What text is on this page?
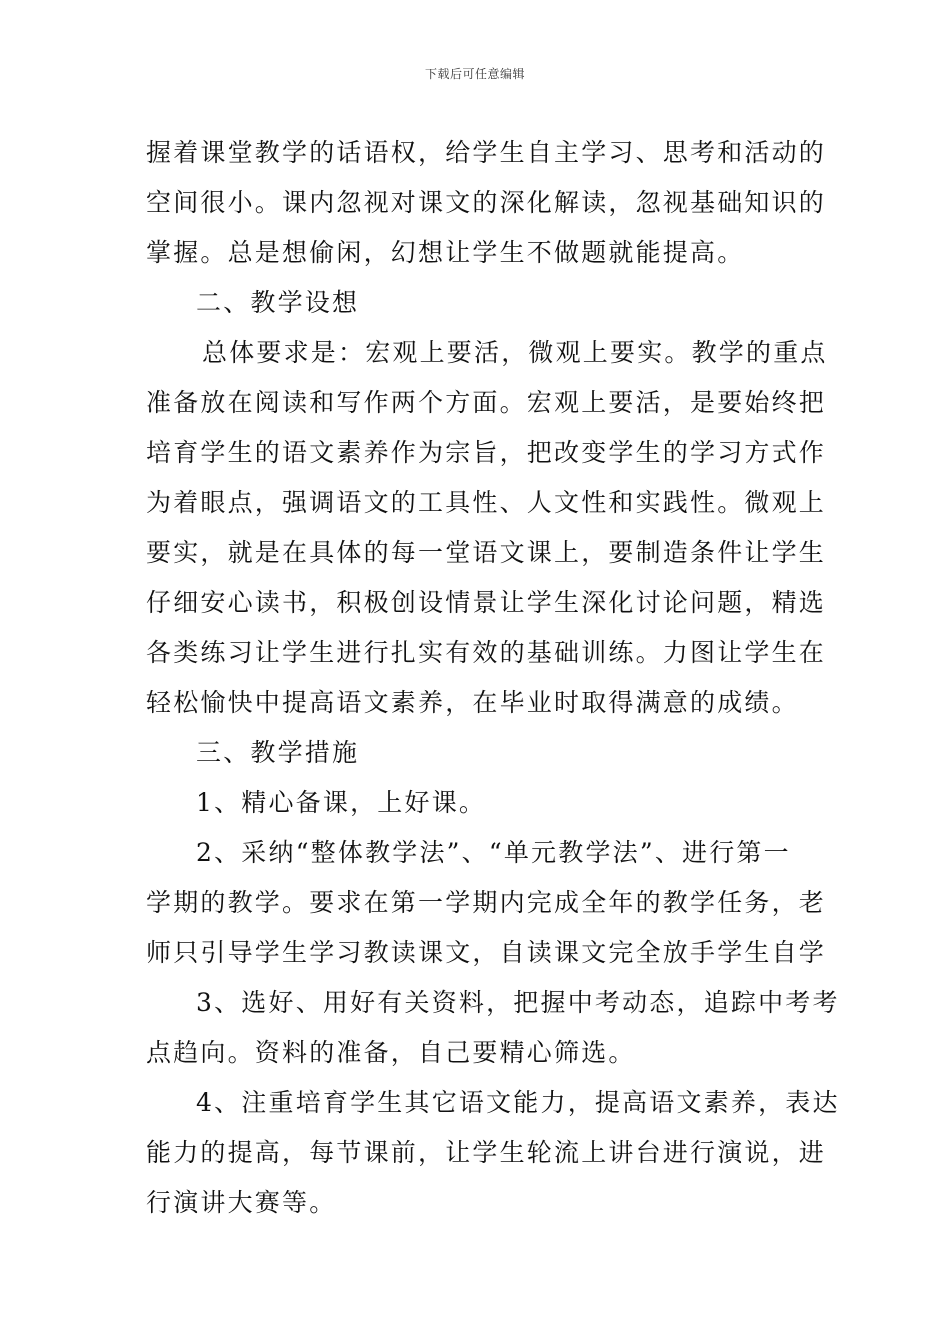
下载后可任意编辑
握着课堂教学的话语权，给学生自主学习、思考和活动的
空间很小。课内忽视对课文的深化解读，忽视基础知识的
掌握。总是想偷闲，幻想让学生不做题就能提高。
二、教学设想
总体要求是：宏观上要活，微观上要实。教学的重点
准备放在阅读和写作两个方面。宏观上要活，是要始终把
培育学生的语文素养作为宗旨，把改变学生的学习方式作
为着眼点，强调语文的工具性、人文性和实践性。微观上
要实，就是在具体的每一堂语文课上，要制造条件让学生
仔细安心读书，积极创设情景让学生深化讨论问题，精选
各类练习让学生进行扎实有效的基础训练。力图让学生在
轻松愉快中提高语文素养，在毕业时取得满意的成绩。
三、教学措施
1、精心备课，上好课。
2、采纳“整体教学法”、“单元教学法”、进行第一
学期的教学。要求在第一学期内完成全年的教学任务，老
师只引导学生学习教读课文，自读课文完全放手学生自学
3、选好、用好有关资料，把握中考动态，追踪中考考
点趋向。资料的准备，自己要精心筛选。
4、注重培育学生其它语文能力，提高语文素养，表达
能力的提高，每节课前，让学生轮流上讲台进行演说，进
行演讲大赛等。
